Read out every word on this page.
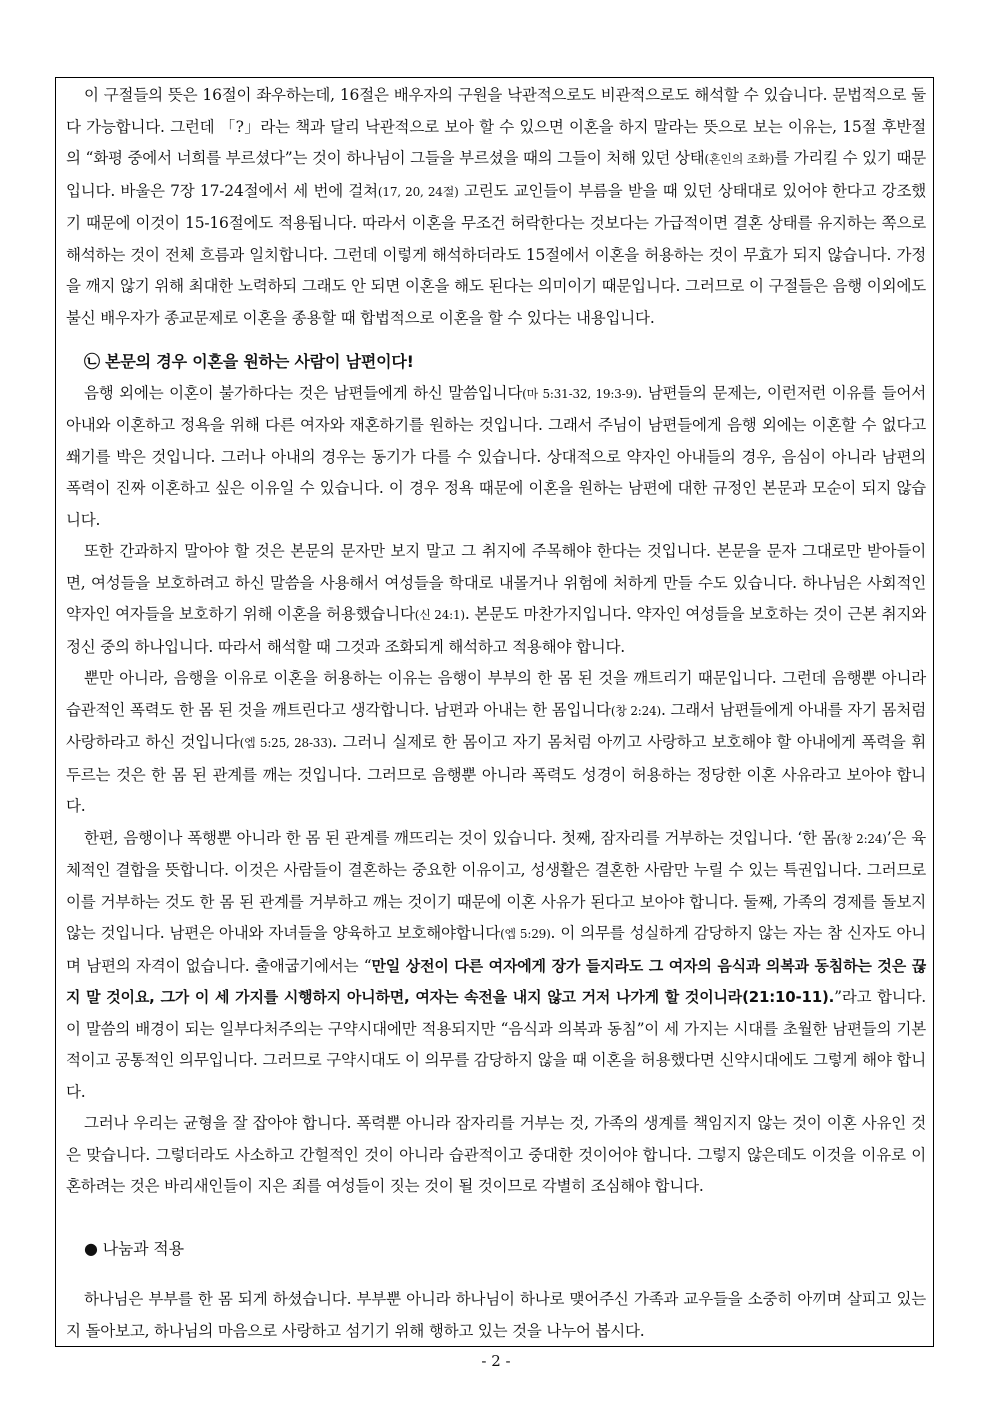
이 구절들의 뜻은 16절이 좌우하는데, 16절은 배우자의 구원을 낙관적으로도 비관적으로도 해석할 수 있습니다. 문법적으로 둘 다 가능합니다. 그런데 「?」라는 책과 달리 낙관적으로 보아 할 수 있으면 이혼을 하지 말라는 뜻으로 보는 이유는, 15절 후반절의 “화평 중에서 너희를 부르셨다”는 것이 하나님이 그들을 부르셨을 때의 그들이 처해 있던 상태(혼인의 조화)를 가리킬 수 있기 때문입니다. 바울은 7장 17-24절에서 세 번에 걸쳐(17, 20, 24절) 고린도 교인들이 부름을 받을 때 있던 상태대로 있어야 한다고 강조했기 때문에 이것이 15-16절에도 적용됩니다. 따라서 이혼을 무조건 허락한다는 것보다는 가급적이면 결혼 상태를 유지하는 쪽으로 해석하는 것이 전체 흐름과 일치합니다. 그런데 이렇게 해석하더라도 15절에서 이혼을 허용하는 것이 무효가 되지 않습니다. 가정을 깨지 않기 위해 최대한 노력하되 그래도 안 되면 이혼을 해도 된다는 의미이기 때문입니다. 그러므로 이 구절들은 음행 이외에도 불신 배우자가 종교문제로 이혼을 종용할 때 합법적으로 이혼을 할 수 있다는 내용입니다.

㉡ 본문의 경우 이혼을 원하는 사람이 남편이다!

음행 외에는 이혼이 불가하다는 것은 남편들에게 하신 말씀입니다(마 5:31-32, 19:3-9). 남편들의 문제는, 이런저런 이유를 들어서 아내와 이혼하고 정욕을 위해 다른 여자와 재혼하기를 원하는 것입니다. 그래서 주님이 남편들에게 음행 외에는 이혼할 수 없다고 쐐기를 박은 것입니다. 그러나 아내의 경우는 동기가 다를 수 있습니다. 상대적으로 약자인 아내들의 경우, 음심이 아니라 남편의 폭력이 진짜 이혼하고 싶은 이유일 수 있습니다. 이 경우 정욕 때문에 이혼을 원하는 남편에 대한 규정인 본문과 모순이 되지 않습니다.

또한 간과하지 말아야 할 것은 본문의 문자만 보지 말고 그 취지에 주목해야 한다는 것입니다. 본문을 문자 그대로만 받아들이면, 여성들을 보호하려고 하신 말씀을 사용해서 여성들을 학대로 내몰거나 위험에 처하게 만들 수도 있습니다. 하나님은 사회적인 약자인 여자들을 보호하기 위해 이혼을 허용했습니다(신 24:1). 본문도 마찬가지입니다. 약자인 여성들을 보호하는 것이 근본 취지와 정신 중의 하나입니다. 따라서 해석할 때 그것과 조화되게 해석하고 적용해야 합니다.

뿐만 아니라, 음행을 이유로 이혼을 허용하는 이유는 음행이 부부의 한 몸 된 것을 깨트리기 때문입니다. 그런데 음행뿐 아니라 습관적인 폭력도 한 몸 된 것을 깨트린다고 생각합니다. 남편과 아내는 한 몸입니다(창 2:24). 그래서 남편들에게 아내를 자기 몸처럼 사랑하라고 하신 것입니다(엡 5:25, 28-33). 그러니 실제로 한 몸이고 자기 몸처럼 아끼고 사랑하고 보호해야 할 아내에게 폭력을 휘두르는 것은 한 몸 된 관계를 깨는 것입니다. 그러므로 음행뿐 아니라 폭력도 성경이 허용하는 정당한 이혼 사유라고 보아야 합니다.

한편, 음행이나 폭행뿐 아니라 한 몸 된 관계를 깨뜨리는 것이 있습니다. 첫째, 잠자리를 거부하는 것입니다. ‘한 몸(창 2:24)’은 육체적인 결합을 뜻합니다. 이것은 사람들이 결혼하는 중요한 이유이고, 성생활은 결혼한 사람만 누릴 수 있는 특권입니다. 그러므로 이를 거부하는 것도 한 몸 된 관계를 거부하고 깨는 것이기 때문에 이혼 사유가 된다고 보아야 합니다. 둘째, 가족의 경제를 돌보지 않는 것입니다. 남편은 아내와 자녀들을 양육하고 보호해야합니다(엡 5:29). 이 의무를 성실하게 감당하지 않는 자는 참 신자도 아니며 남편의 자격이 없습니다. 출애굽기에서는 “만일 상전이 다른 여자에게 장가 들지라도 그 여자의 음식과 의복과 동침하는 것은 끊지 말 것이요, 그가 이 세 가지를 시행하지 아니하면, 여자는 속전을 내지 않고 거저 나가게 할 것이니라(21:10-11).”라고 합니다. 이 말씀의 배경이 되는 일부다처주의는 구약시대에만 적용되지만 “음식과 의복과 동침”이 세 가지는 시대를 초월한 남편들의 기본적이고 공통적인 의무입니다. 그러므로 구약시대도 이 의무를 감당하지 않을 때 이혼을 허용했다면 신약시대에도 그렇게 해야 합니다.

그러나 우리는 균형을 잘 잡아야 합니다. 폭력뿐 아니라 잠자리를 거부는 것, 가족의 생계를 책임지지 않는 것이 이혼 사유인 것은 맞습니다. 그렇더라도 사소하고 간헐적인 것이 아니라 습관적이고 중대한 것이어야 합니다. 그렇지 않은데도 이것을 이유로 이혼하려는 것은 바리새인들이 지은 죄를 여성들이 짓는 것이 될 것이므로 각별히 조심해야 합니다.

● 나눔과 적용

하나님은 부부를 한 몸 되게 하셨습니다. 부부뿐 아니라 하나님이 하나로 맺어주신 가족과 교우들을 소중히 아끼며 살피고 있는지 돌아보고, 하나님의 마음으로 사랑하고 섬기기 위해 행하고 있는 것을 나누어 봅시다.

- 2 -
